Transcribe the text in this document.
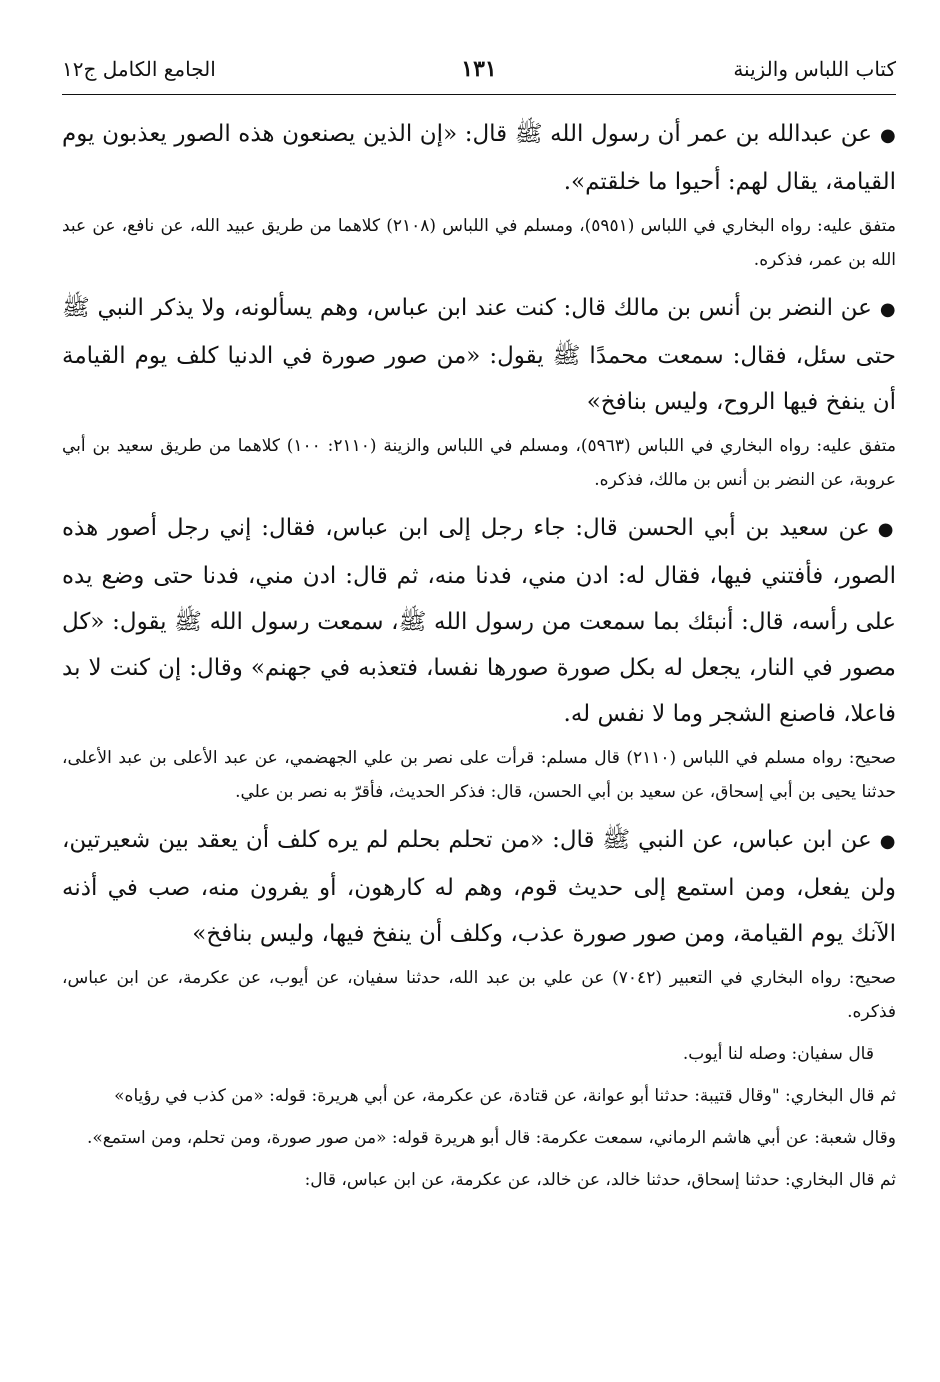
كتاب اللباس والزينة
١٣١
الجامع الكامل ج١٢

●عن عبدالله بن عمر أن رسول الله ﷺ قال: «إن الذين يصنعون هذه الصور يعذبون يوم القيامة، يقال لهم: أحيوا ما خلقتم».

متفق عليه: رواه البخاري في اللباس (٥٩٥١)، ومسلم في اللباس (٢١٠٨) كلاهما من طريق عبيد الله، عن نافع، عن عبد الله بن عمر، فذكره.

●عن النضر بن أنس بن مالك قال: كنت عند ابن عباس، وهم يسألونه، ولا يذكر النبي ﷺ حتى سئل، فقال: سمعت محمدًا ﷺ يقول: «من صور صورة في الدنيا كلف يوم القيامة أن ينفخ فيها الروح، وليس بنافخ»

متفق عليه: رواه البخاري في اللباس (٥٩٦٣)، ومسلم في اللباس والزينة (٢١١٠: ١٠٠) كلاهما من طريق سعيد بن أبي عروبة، عن النضر بن أنس بن مالك، فذكره.

●عن سعيد بن أبي الحسن قال: جاء رجل إلى ابن عباس، فقال: إني رجل أصور هذه الصور، فأفتني فيها، فقال له: ادن مني، فدنا منه، ثم قال: ادن مني، فدنا حتى وضع يده على رأسه، قال: أنبئك بما سمعت من رسول الله ﷺ، سمعت رسول الله ﷺ يقول: «كل مصور في النار، يجعل له بكل صورة صورها نفسا، فتعذبه في جهنم» وقال: إن كنت لا بد فاعلا، فاصنع الشجر وما لا نفس له.

صحيح: رواه مسلم في اللباس (٢١١٠) قال مسلم: قرأت على نصر بن علي الجهضمي، عن عبد الأعلى بن عبد الأعلى، حدثنا يحيى بن أبي إسحاق، عن سعيد بن أبي الحسن، قال: فذكر الحديث، فأقرّ به نصر بن علي.

●عن ابن عباس، عن النبي ﷺ قال: «من تحلم بحلم لم يره كلف أن يعقد بين شعيرتين، ولن يفعل، ومن استمع إلى حديث قوم، وهم له كارهون، أو يفرون منه، صب في أذنه الآنك يوم القيامة، ومن صور صورة عذب، وكلف أن ينفخ فيها، وليس بنافخ»

صحيح: رواه البخاري في التعبير (٧٠٤٢) عن علي بن عبد الله، حدثنا سفيان، عن أيوب، عن عكرمة، عن ابن عباس، فذكره.

قال سفيان: وصله لنا أيوب.

ثم قال البخاري: "وقال قتيبة: حدثنا أبو عوانة، عن قتادة، عن عكرمة، عن أبي هريرة: قوله: «من كذب في رؤياه»

وقال شعبة: عن أبي هاشم الرماني، سمعت عكرمة: قال أبو هريرة قوله: «من صور صورة، ومن تحلم، ومن استمع».

ثم قال البخاري: حدثنا إسحاق، حدثنا خالد، عن خالد، عن عكرمة، عن ابن عباس، قال:
